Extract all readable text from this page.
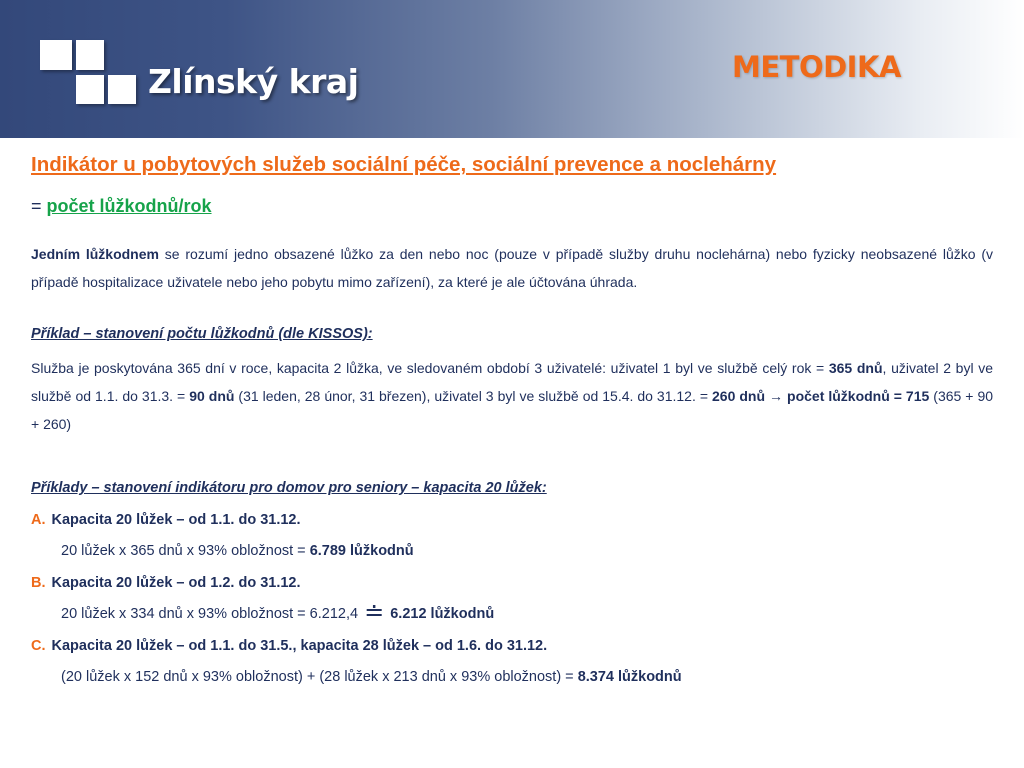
Zlínský kraj	METODIKA
Indikátor u pobytových služeb sociální péče, sociální prevence a noclehárny
= počet lůžkodnů/rok
Jedním lůžkodnem se rozumí jedno obsazené lůžko za den nebo noc (pouze v případě služby druhu noclehárna) nebo fyzicky neobsazené lůžko (v případě hospitalizace uživatele nebo jeho pobytu mimo zařízení), za které je ale účtována úhrada.
Příklad – stanovení počtu lůžkodnů (dle KISSOS):
Služba je poskytována 365 dní v roce, kapacita 2 lůžka, ve sledovaném období 3 uživatelé: uživatel 1 byl ve službě celý rok = 365 dnů, uživatel 2 byl ve službě od 1.1. do 31.3. = 90 dnů (31 leden, 28 únor, 31 březen), uživatel 3 byl ve službě od 15.4. do 31.12. = 260 dnů → počet lůžkodnů = 715 (365 + 90 + 260)
Příklady – stanovení indikátoru pro domov pro seniory – kapacita 20 lůžek:
A. Kapacita 20 lůžek – od 1.1. do 31.12.
20 lůžek x 365 dnů x 93% obložnost = 6.789 lůžkodnů
B. Kapacita 20 lůžek – od 1.2. do 31.12.
20 lůžek x 334 dnů x 93% obložnost = 6.212,4 ≐ 6.212 lůžkodnů
C. Kapacita 20 lůžek – od 1.1. do 31.5., kapacita 28 lůžek – od 1.6. do 31.12.
(20 lůžek x 152 dnů x 93% obložnost) + (28 lůžek x 213 dnů x 93% obložnost) = 8.374 lůžkodnů
